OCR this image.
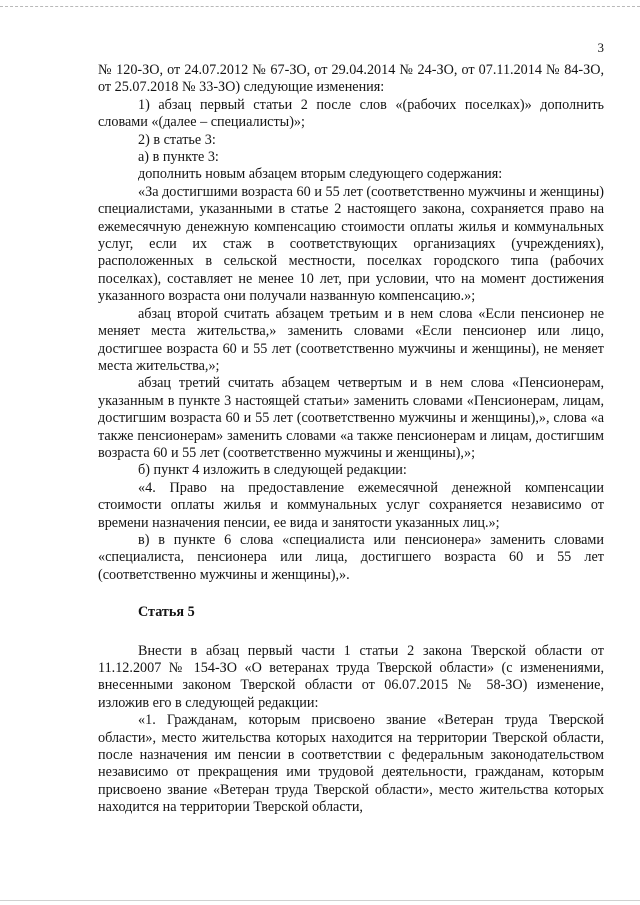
3

№ 120-ЗО, от 24.07.2012 № 67-ЗО, от 29.04.2014 № 24-ЗО, от 07.11.2014 № 84-ЗО, от 25.07.2018 № 33-ЗО) следующие изменения:

1) абзац первый статьи 2 после слов «(рабочих поселках)» дополнить словами «(далее – специалисты)»;

2) в статье 3:

а) в пункте 3:

дополнить новым абзацем вторым следующего содержания:

«За достигшими возраста 60 и 55 лет (соответственно мужчины и женщины) специалистами, указанными в статье 2 настоящего закона, сохраняется право на ежемесячную денежную компенсацию стоимости оплаты жилья и коммунальных услуг, если их стаж в соответствующих организациях (учреждениях), расположенных в сельской местности, поселках городского типа (рабочих поселках), составляет не менее 10 лет, при условии, что на момент достижения указанного возраста они получали названную компенсацию.»;

абзац второй считать абзацем третьим и в нем слова «Если пенсионер не меняет места жительства,» заменить словами «Если пенсионер или лицо, достигшее возраста 60 и 55 лет (соответственно мужчины и женщины), не меняет места жительства,»;

абзац третий считать абзацем четвертым и в нем слова «Пенсионерам, указанным в пункте 3 настоящей статьи» заменить словами «Пенсионерам, лицам, достигшим возраста 60 и 55 лет (соответственно мужчины и женщины),», слова «а также пенсионерам» заменить словами «а также пенсионерам и лицам, достигшим возраста 60 и 55 лет (соответственно мужчины и женщины),»;

б) пункт 4 изложить в следующей редакции:

«4. Право на предоставление ежемесячной денежной компенсации стоимости оплаты жилья и коммунальных услуг сохраняется независимо от времени назначения пенсии, ее вида и занятости указанных лиц.»;

в) в пункте 6 слова «специалиста или пенсионера» заменить словами «специалиста, пенсионера или лица, достигшего возраста 60 и 55 лет (соответственно мужчины и женщины),».

Статья 5

Внести в абзац первый части 1 статьи 2 закона Тверской области от 11.12.2007 № 154-ЗО «О ветеранах труда Тверской области» (с изменениями, внесенными законом Тверской области от 06.07.2015 № 58-ЗО) изменение, изложив его в следующей редакции:

«1. Гражданам, которым присвоено звание «Ветеран труда Тверской области», место жительства которых находится на территории Тверской области, после назначения им пенсии в соответствии с федеральным законодательством независимо от прекращения ими трудовой деятельности, гражданам, которым присвоено звание «Ветеран труда Тверской области», место жительства которых находится на территории Тверской области,
